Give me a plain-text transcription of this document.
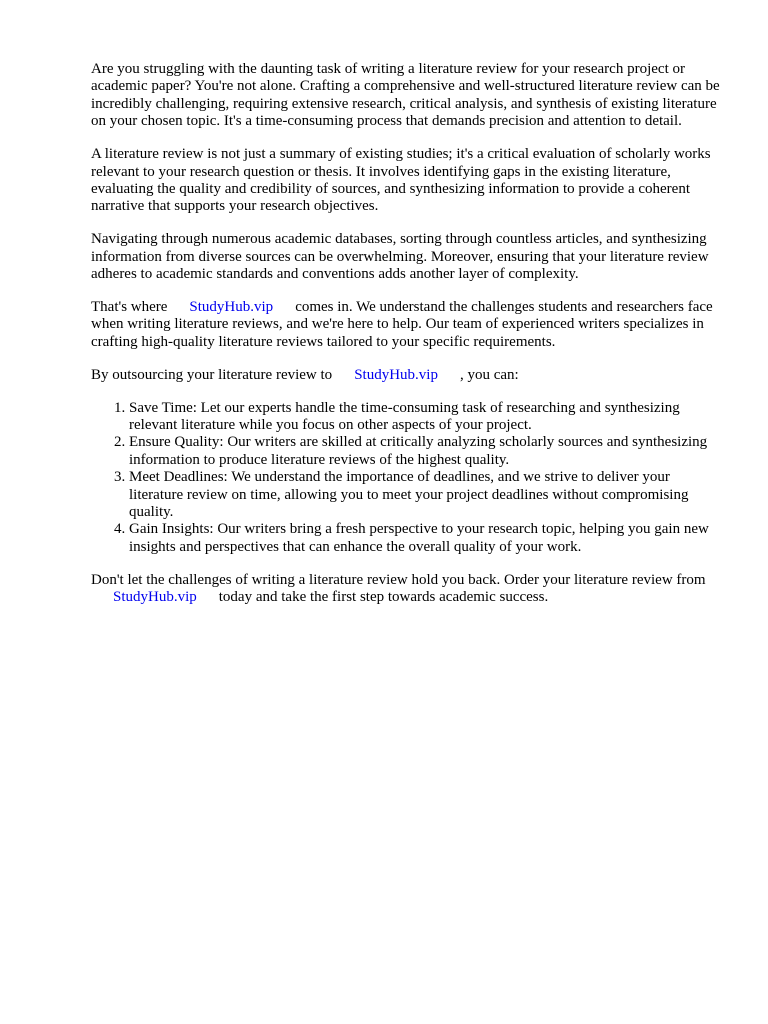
Are you struggling with the daunting task of writing a literature review for your research project or academic paper? You're not alone. Crafting a comprehensive and well-structured literature review can be incredibly challenging, requiring extensive research, critical analysis, and synthesis of existing literature on your chosen topic. It's a time-consuming process that demands precision and attention to detail.

A literature review is not just a summary of existing studies; it's a critical evaluation of scholarly works relevant to your research question or thesis. It involves identifying gaps in the existing literature, evaluating the quality and credibility of sources, and synthesizing information to provide a coherent narrative that supports your research objectives.

Navigating through numerous academic databases, sorting through countless articles, and synthesizing information from diverse sources can be overwhelming. Moreover, ensuring that your literature review adheres to academic standards and conventions adds another layer of complexity.

That's where StudyHub.vip comes in. We understand the challenges students and researchers face when writing literature reviews, and we're here to help. Our team of experienced writers specializes in crafting high-quality literature reviews tailored to your specific requirements.

By outsourcing your literature review to StudyHub.vip , you can:

1. Save Time: Let our experts handle the time-consuming task of researching and synthesizing relevant literature while you focus on other aspects of your project.
2. Ensure Quality: Our writers are skilled at critically analyzing scholarly sources and synthesizing information to produce literature reviews of the highest quality.
3. Meet Deadlines: We understand the importance of deadlines, and we strive to deliver your literature review on time, allowing you to meet your project deadlines without compromising quality.
4. Gain Insights: Our writers bring a fresh perspective to your research topic, helping you gain new insights and perspectives that can enhance the overall quality of your work.

Don't let the challenges of writing a literature review hold you back. Order your literature review fromStudyHub.vip today and take the first step towards academic success.
